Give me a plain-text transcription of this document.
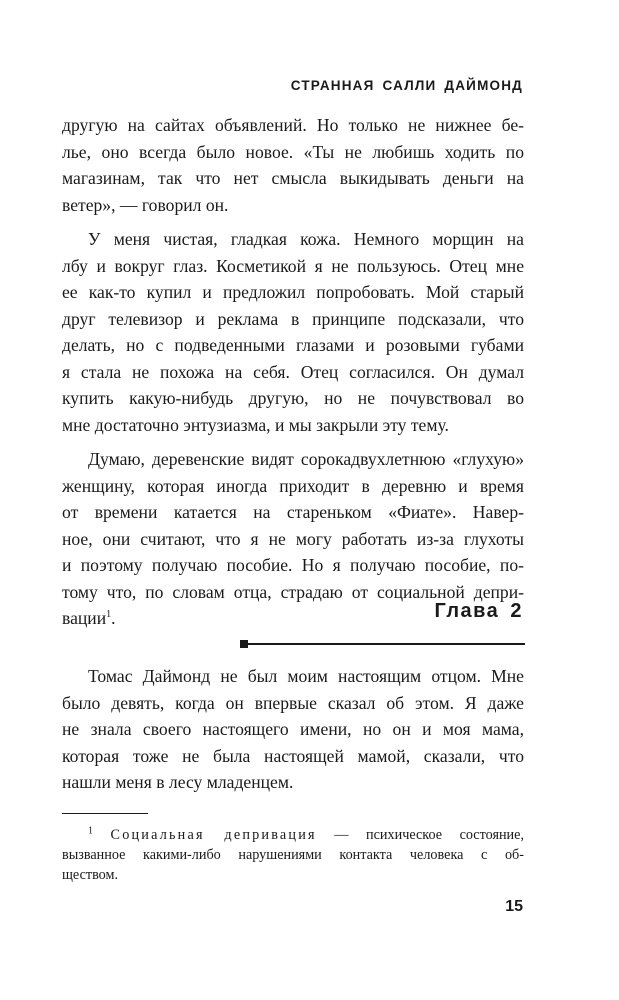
СТРАННАЯ САЛЛИ ДАЙМОНД

другую на сайтах объявлений. Но только не нижнее бе-
лье, оно всегда было новое. «Ты не любишь ходить по
магазинам, так что нет смысла выкидывать деньги на
ветер», — говорил он.

У меня чистая, гладкая кожа. Немного морщин на
лбу и вокруг глаз. Косметикой я не пользуюсь. Отец мне
ее как-то купил и предложил попробовать. Мой старый
друг телевизор и реклама в принципе подсказали, что
делать, но с подведенными глазами и розовыми губами
я стала не похожа на себя. Отец согласился. Он думал
купить какую-нибудь другую, но не почувствовал во
мне достаточно энтузиазма, и мы закрыли эту тему.

Думаю, деревенские видят сорокадвухлетнюю «глухую»
женщину, которая иногда приходит в деревню и время
от времени катается на стареньком «Фиате». Навер-
ное, они считают, что я не могу работать из-за глухоты
и поэтому получаю пособие. Но я получаю пособие, по-
тому что, по словам отца, страдаю от социальной депри-
вации$^1$.	Глава 2

Томас Даймонд не был моим настоящим отцом. Мне
было девять, когда он впервые сказал об этом. Я даже
не знала своего настоящего имени, но он и моя мама,
которая тоже не была настоящей мамой, сказали, что
нашли меня в лесу младенцем.

$^1$ Социальная депривация — психическое состояние,
вызванное какими-либо нарушениями контакта человека с об-
ществом.
15
